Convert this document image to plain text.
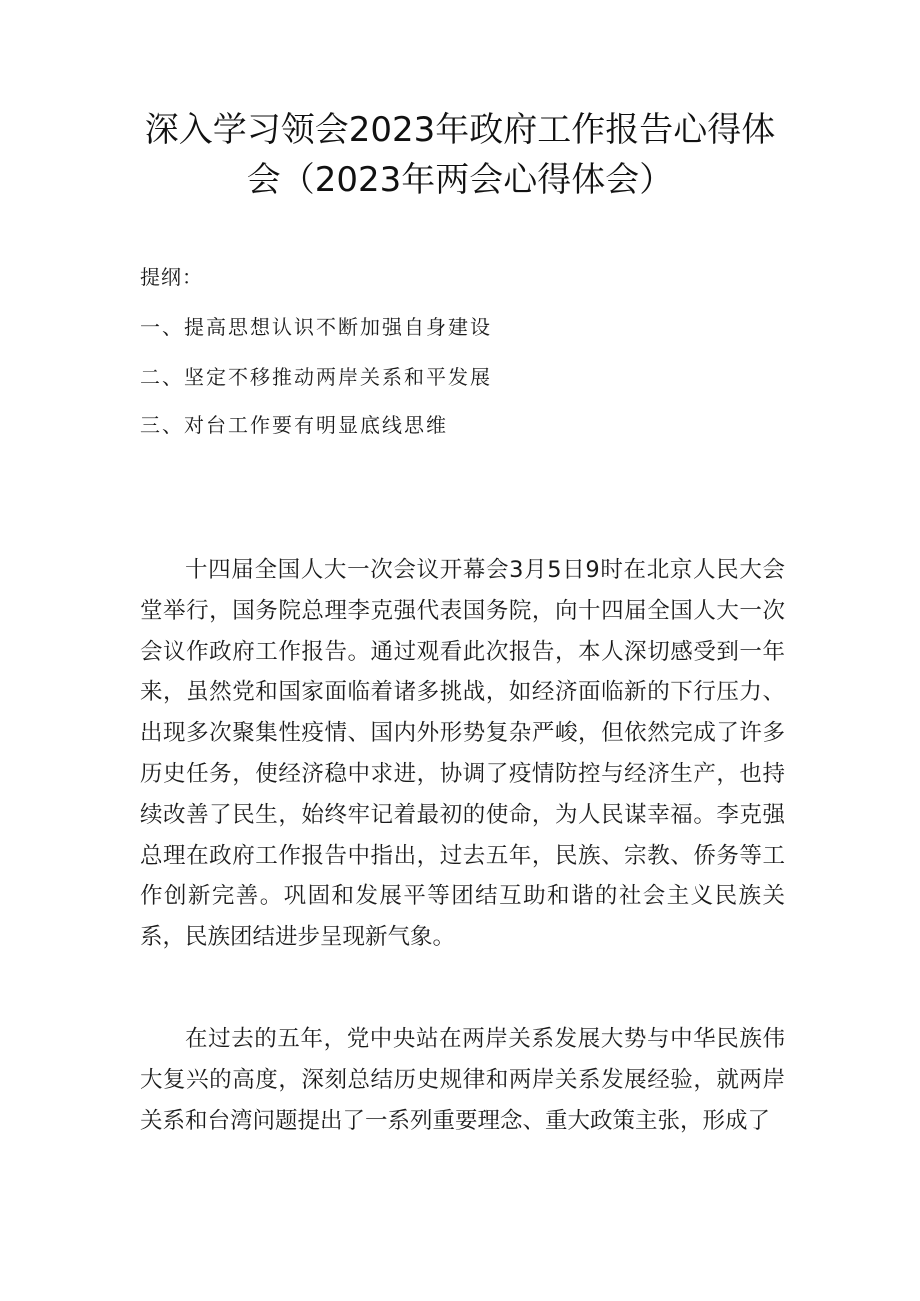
深入学习领会2023年政府工作报告心得体
会（2023年两会心得体会）

提纲：

一、提高思想认识不断加强自身建设

二、坚定不移推动两岸关系和平发展

三、对台工作要有明显底线思维

十四届全国人大一次会议开幕会3月5日9时在北京人民大会堂举行，国务院总理李克强代表国务院，向十四届全国人大一次会议作政府工作报告。通过观看此次报告，本人深切感受到一年来，虽然党和国家面临着诸多挑战，如经济面临新的下行压力、出现多次聚集性疫情、国内外形势复杂严峻，但依然完成了许多历史任务，使经济稳中求进，协调了疫情防控与经济生产，也持续改善了民生，始终牢记着最初的使命，为人民谋幸福。李克强总理在政府工作报告中指出，过去五年，民族、宗教、侨务等工作创新完善。巩固和发展平等团结互助和谐的社会主义民族关系，民族团结进步呈现新气象。

在过去的五年，党中央站在两岸关系发展大势与中华民族伟大复兴的高度，深刻总结历史规律和两岸关系发展经验，就两岸关系和台湾问题提出了一系列重要理念、重大政策主张，形成了
